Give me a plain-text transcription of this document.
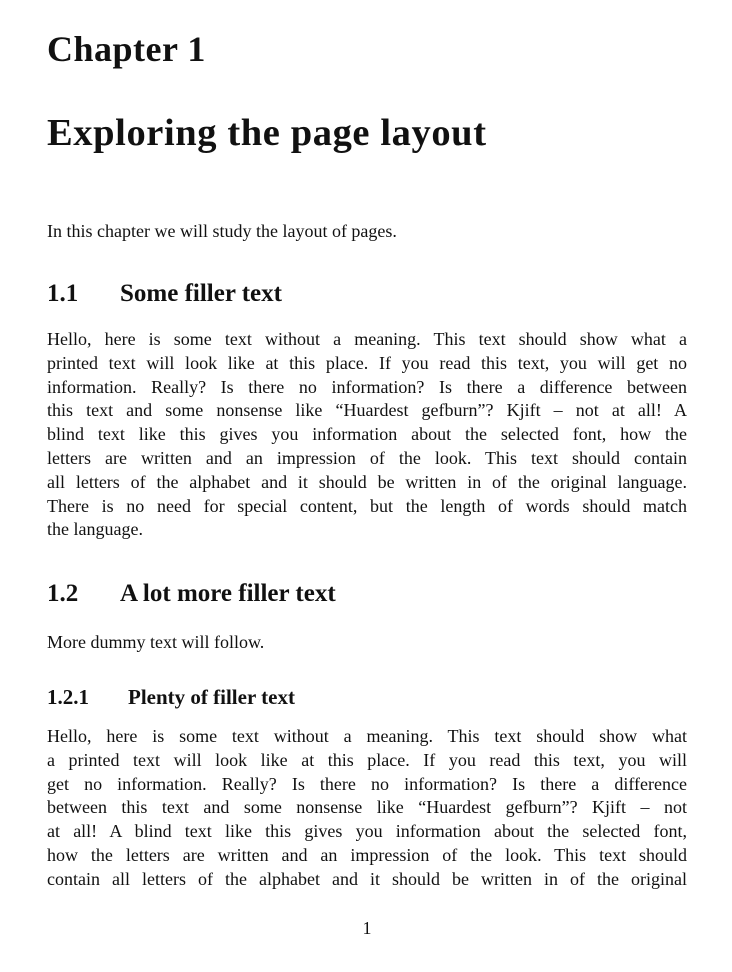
Chapter 1
Exploring the page layout
In this chapter we will study the layout of pages.
1.1 Some filler text
Hello, here is some text without a meaning. This text should show what a
printed text will look like at this place. If you read this text, you will get no
information. Really? Is there no information? Is there a difference between
this text and some nonsense like “Huardest gefburn”? Kjift – not at all! A
blind text like this gives you information about the selected font, how the
letters are written and an impression of the look. This text should contain
all letters of the alphabet and it should be written in of the original language.
There is no need for special content, but the length of words should match
the language.
1.2 A lot more filler text
More dummy text will follow.
1.2.1 Plenty of filler text
Hello, here is some text without a meaning. This text should show what
a printed text will look like at this place. If you read this text, you will
get no information. Really? Is there no information? Is there a difference
between this text and some nonsense like “Huardest gefburn”? Kjift – not
at all! A blind text like this gives you information about the selected font,
how the letters are written and an impression of the look. This text should
contain all letters of the alphabet and it should be written in of the original
1
